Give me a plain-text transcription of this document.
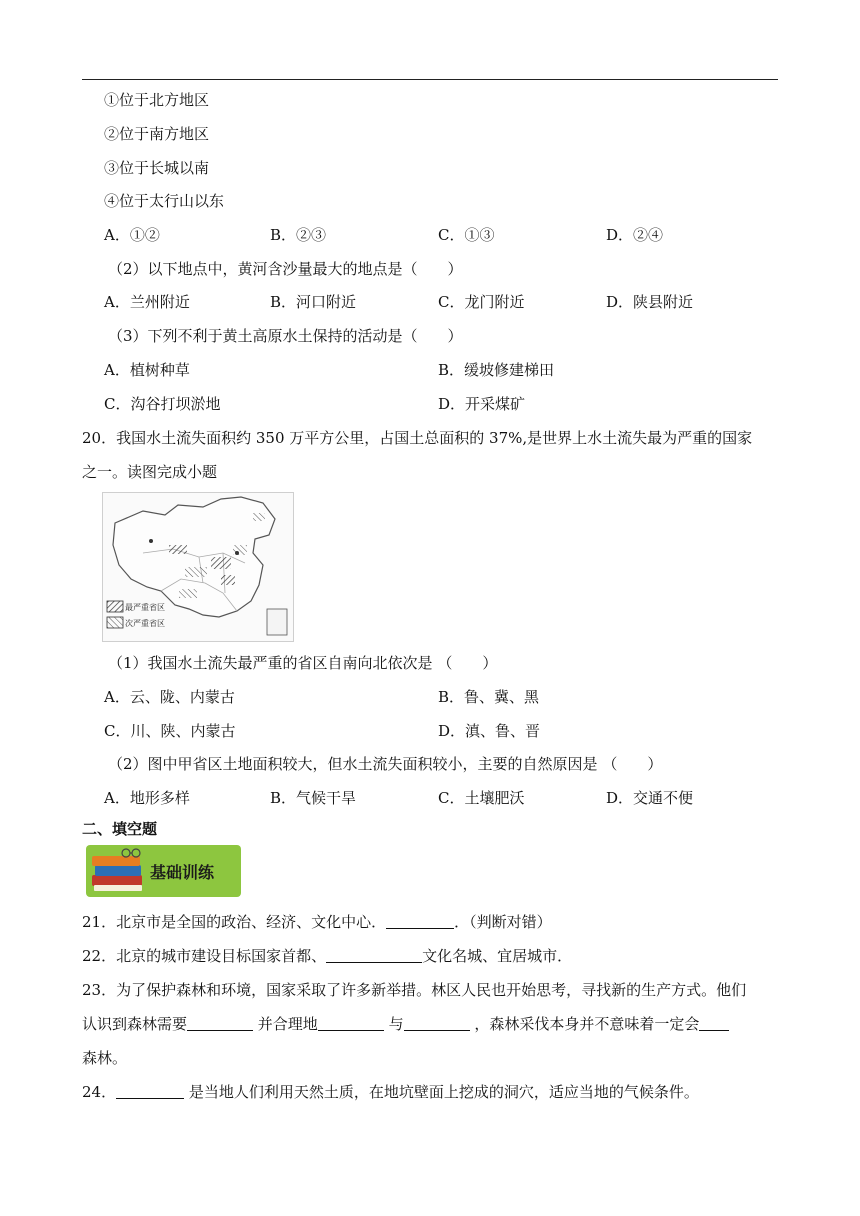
①位于北方地区
②位于南方地区
③位于长城以南
④位于太行山以东
A．①②	B．②③	C．①③	D．②④
（2）以下地点中，黄河含沙量最大的地点是（　　）
A．兰州附近	B．河口附近	C．龙门附近	D．陕县附近
（3）下列不利于黄土高原水土保持的活动是（　　）
A．植树种草	B．缓坡修建梯田
C．沟谷打坝淤地	D．开采煤矿
20．我国水土流失面积约 350 万平方公里，占国土总面积的 37%,是世界上水土流失最为严重的国家
之一。读图完成小题
最严重省区
次严重省区
（1）我国水土流失最严重的省区自南向北依次是 （　　）
A．云、陇、内蒙古	B．鲁、冀、黑
C．川、陕、内蒙古	D．滇、鲁、晋
（2）图中甲省区土地面积较大，但水土流失面积较小，主要的自然原因是 （　　）
A．地形多样	B．气候干旱	C．土壤肥沃	D．交通不便
二、填空题
基础训练
21．北京市是全国的政治、经济、文化中心．	．（判断对错）
22．北京的城市建设目标国家首都、	文化名城、宜居城市．
23．为了保护森林和环境，国家采取了许多新举措。林区人民也开始思考，寻找新的生产方式。他们
认识到森林需要	并合理地	与	，森林采伐本身并不意味着一定会
森林。
24．	是当地人们利用天然土质，在地坑壁面上挖成的洞穴，适应当地的气候条件。
